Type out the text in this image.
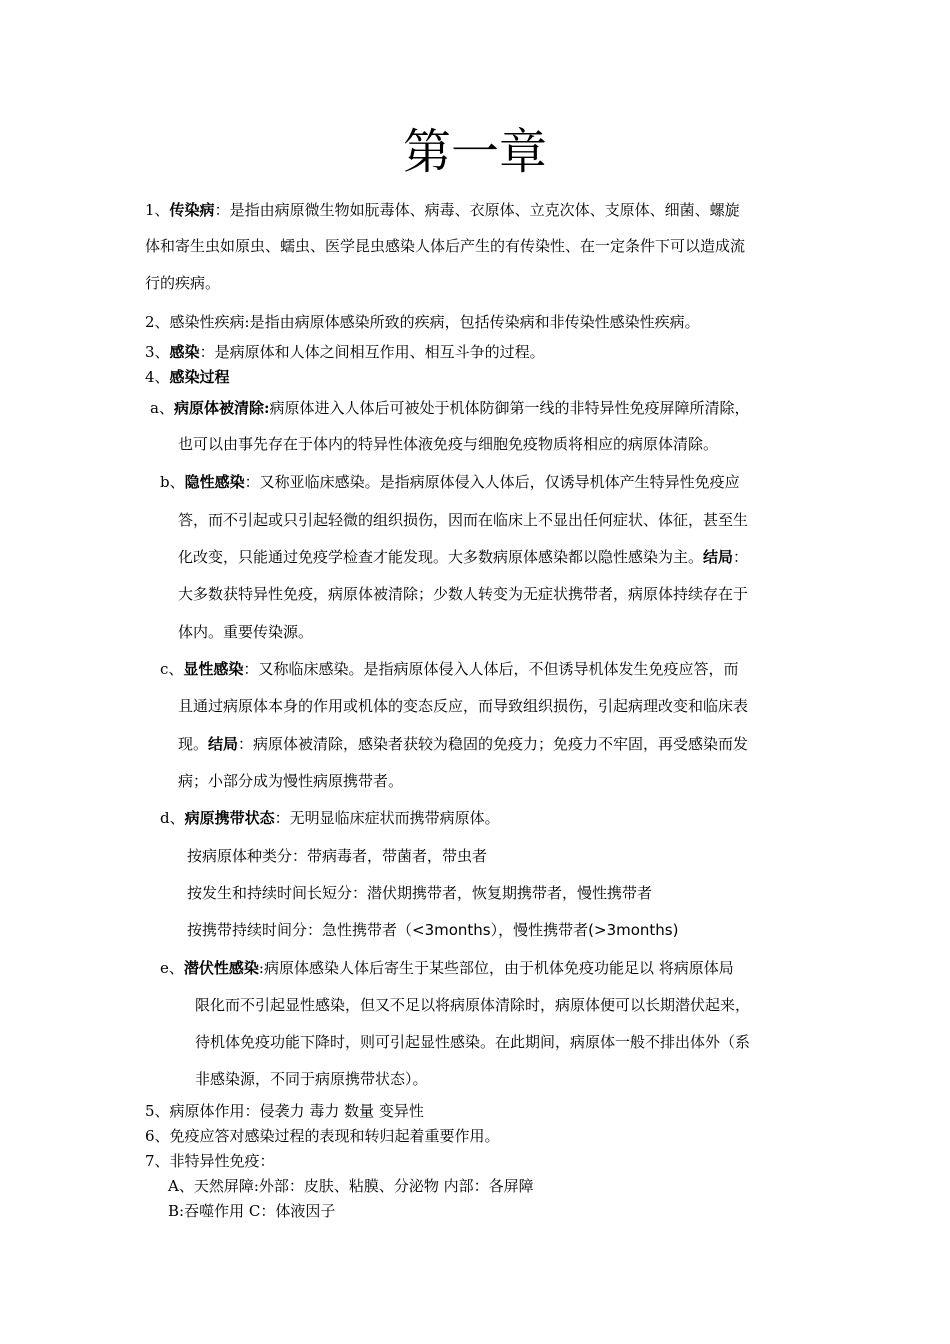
第一章
1、传染病：是指由病原微生物如朊毒体、病毒、衣原体、立克次体、支原体、细菌、螺旋
体和寄生虫如原虫、蠕虫、医学昆虫感染人体后产生的有传染性、在一定条件下可以造成流
行的疾病。
2、感染性疾病:是指由病原体感染所致的疾病，包括传染病和非传染性感染性疾病。
3、感染：是病原体和人体之间相互作用、相互斗争的过程。
4、感染过程
a、病原体被清除:病原体进入人体后可被处于机体防御第一线的非特异性免疫屏障所清除，
也可以由事先存在于体内的特异性体液免疫与细胞免疫物质将相应的病原体清除。
b、隐性感染：又称亚临床感染。是指病原体侵入人体后，仅诱导机体产生特异性免疫应
答，而不引起或只引起轻微的组织损伤，因而在临床上不显出任何症状、体征，甚至生
化改变，只能通过免疫学检查才能发现。大多数病原体感染都以隐性感染为主。结局：
大多数获特异性免疫，病原体被清除；少数人转变为无症状携带者，病原体持续存在于
体内。重要传染源。
c、显性感染：又称临床感染。是指病原体侵入人体后，不但诱导机体发生免疫应答，而
且通过病原体本身的作用或机体的变态反应，而导致组织损伤，引起病理改变和临床表
现。结局：病原体被清除，感染者获较为稳固的免疫力；免疫力不牢固，再受感染而发
病；小部分成为慢性病原携带者。
d、病原携带状态：无明显临床症状而携带病原体。
按病原体种类分：带病毒者，带菌者，带虫者
按发生和持续时间长短分：潜伏期携带者，恢复期携带者，慢性携带者
按携带持续时间分：急性携带者（<3months），慢性携带者(>3months)
e、潜伏性感染:病原体感染人体后寄生于某些部位，由于机体免疫功能足以 将病原体局
限化而不引起显性感染，但又不足以将病原体清除时，病原体便可以长期潜伏起来，
待机体免疫功能下降时，则可引起显性感染。在此期间，病原体一般不排出体外（系
非感染源，不同于病原携带状态）。
5、病原体作用：侵袭力 毒力 数量 变异性
6、免疫应答对感染过程的表现和转归起着重要作用。
7、非特异性免疫：
A、天然屏障:外部：皮肤、粘膜、分泌物 内部：各屏障
B:吞噬作用 C：体液因子
